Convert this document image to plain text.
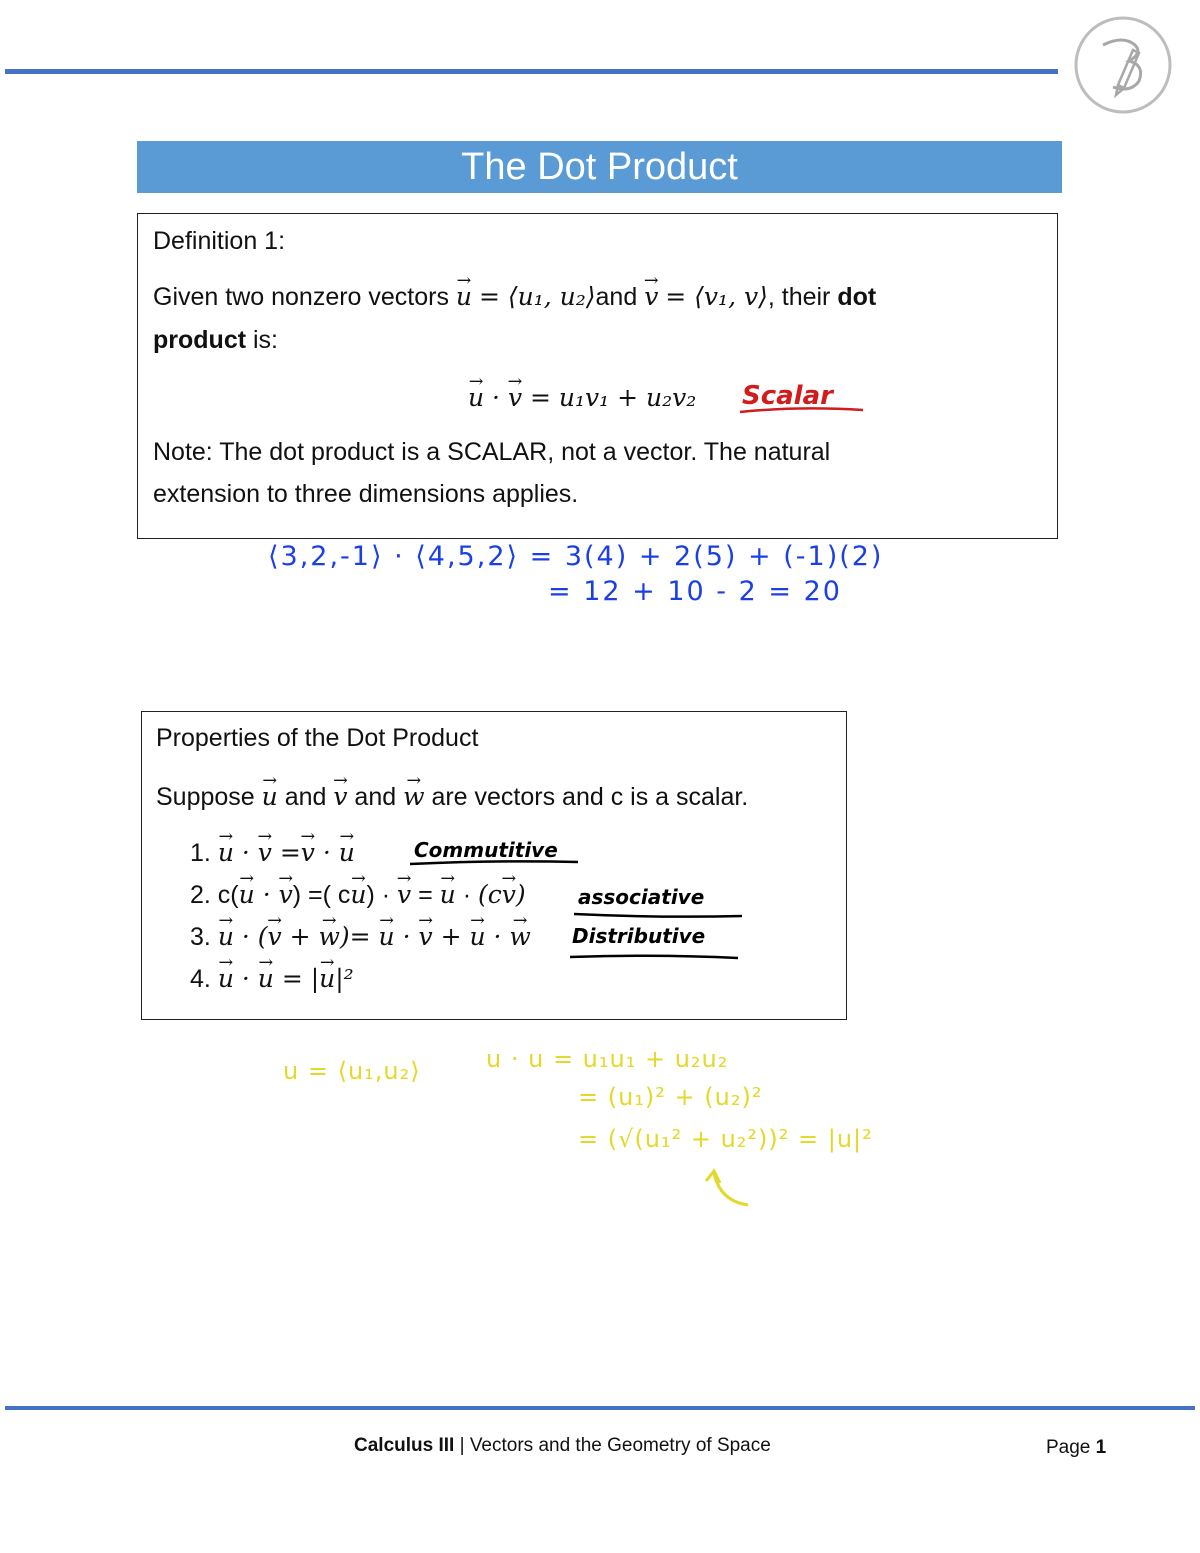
The Dot Product
Definition 1:
Given two nonzero vectors u → = ⟨u₁, u₂⟩and v → = ⟨v₁, v⟩, their dot
product is:
u → · v → = u₁v₁ + u₂v₂ Scalar
Note: The dot product is a SCALAR, not a vector. The natural
extension to three dimensions applies.
⟨3,2,-1⟩ · ⟨4,5,2⟩ = 3(4) + 2(5) + (-1)(2)
= 12 + 10 - 2 = 20
Properties of the Dot Product
Suppose u → and v → and w → are vectors and c is a scalar.
1. u → · v → =v → · u →
2. c(u → · v →) =( cu →) · v → = u → · (cv →)
3. u → · (v → + w →)= u → · v → + u → · w →
4. u → · u → = |u →|²
Commutitive
associative
Distributive
u = ⟨u₁,u₂⟩	u · u = u₁u₁ + u₂u₂
= (u₁)² + (u₂)²
= (√(u₁² + u₂²))² = |u|²
Calculus III | Vectors and the Geometry of Space	Page 1
